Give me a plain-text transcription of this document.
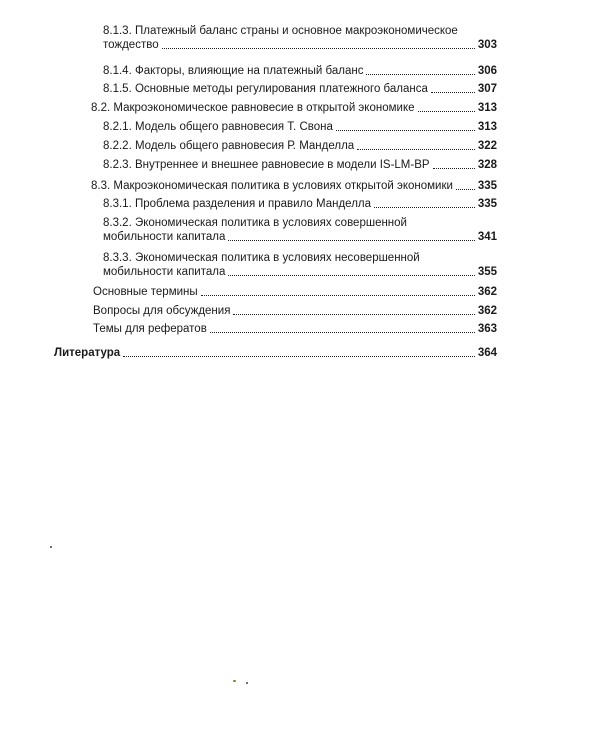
8.1.3. Платежный баланс страны и основное макроэкономическое
тождество	303
8.1.4. Факторы, влияющие на платежный баланс	306
8.1.5. Основные методы регулирования платежного баланса	307
8.2. Макроэкономическое равновесие в открытой экономике	313
8.2.1. Модель общего равновесия Т. Свона	313
8.2.2. Модель общего равновесия Р. Манделла	322
8.2.3. Внутреннее и внешнее равновесие в модели IS-LM-BP	328
8.3. Макроэкономическая политика в условиях открытой экономики 335
8.3.1. Проблема разделения и правило Манделла	335
8.3.2. Экономическая политика в условиях совершенной
мобильности капитала	341
8.3.3. Экономическая политика в условиях несовершенной
мобильности капитала	355
Основные термины	362
Вопросы для обсуждения	362
Темы для рефератов	363
Литература	364
